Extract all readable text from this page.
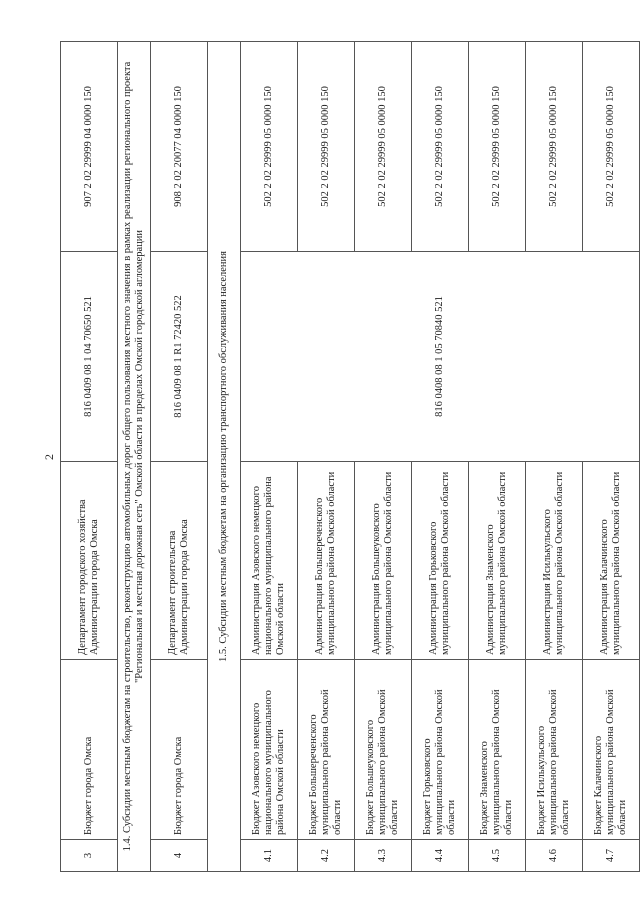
2
3	Бюджет города Омска	Департамент городского хозяйства Администрации города Омска	816 0409 08 1 04 70650 521	907 2 02 29999 04 0000 150
1.4. Субсидии местным бюджетам на строительство, реконструкцию автомобильных дорог общего пользования местного значения в рамках реализации регионального проекта "Региональная и местная дорожная сеть" Омской области в пределах Омской городской агломерации				
4	Бюджет города Омска	Департамент строительства Администрации города Омска	816 0409 08 1 R1 72420 522	908 2 02 20077 04 0000 150
1.5. Субсидии местным бюджетам на организацию транспортного обслуживания населения				
4.1	Бюджет Азовского немецкого национального муниципального района Омской области	Администрация Азовского немецкого национального муниципального района Омской области	816 0408 08 1 05 70840 521	502 2 02 29999 05 0000 150
4.2	Бюджет Большереченского муниципального района Омской области	Администрация Большереченского муниципального района Омской области		502 2 02 29999 05 0000 150
4.3	Бюджет Большеуковского муниципального района Омской области	Администрация Большеуковского муниципального района Омской области		502 2 02 29999 05 0000 150
4.4	Бюджет Горьковского муниципального района Омской области	Администрация Горьковского муниципального района Омской области		502 2 02 29999 05 0000 150
4.5	Бюджет Знаменского муниципального района Омской области	Администрация Знаменского муниципального района Омской области		502 2 02 29999 05 0000 150
4.6	Бюджет Исилькульского муниципального района Омской области	Администрация Исилькульского муниципального района Омской области		502 2 02 29999 05 0000 150
4.7	Бюджет Калачинского муниципального района Омской области	Администрация Калачинского муниципального района Омской области		502 2 02 29999 05 0000 150
